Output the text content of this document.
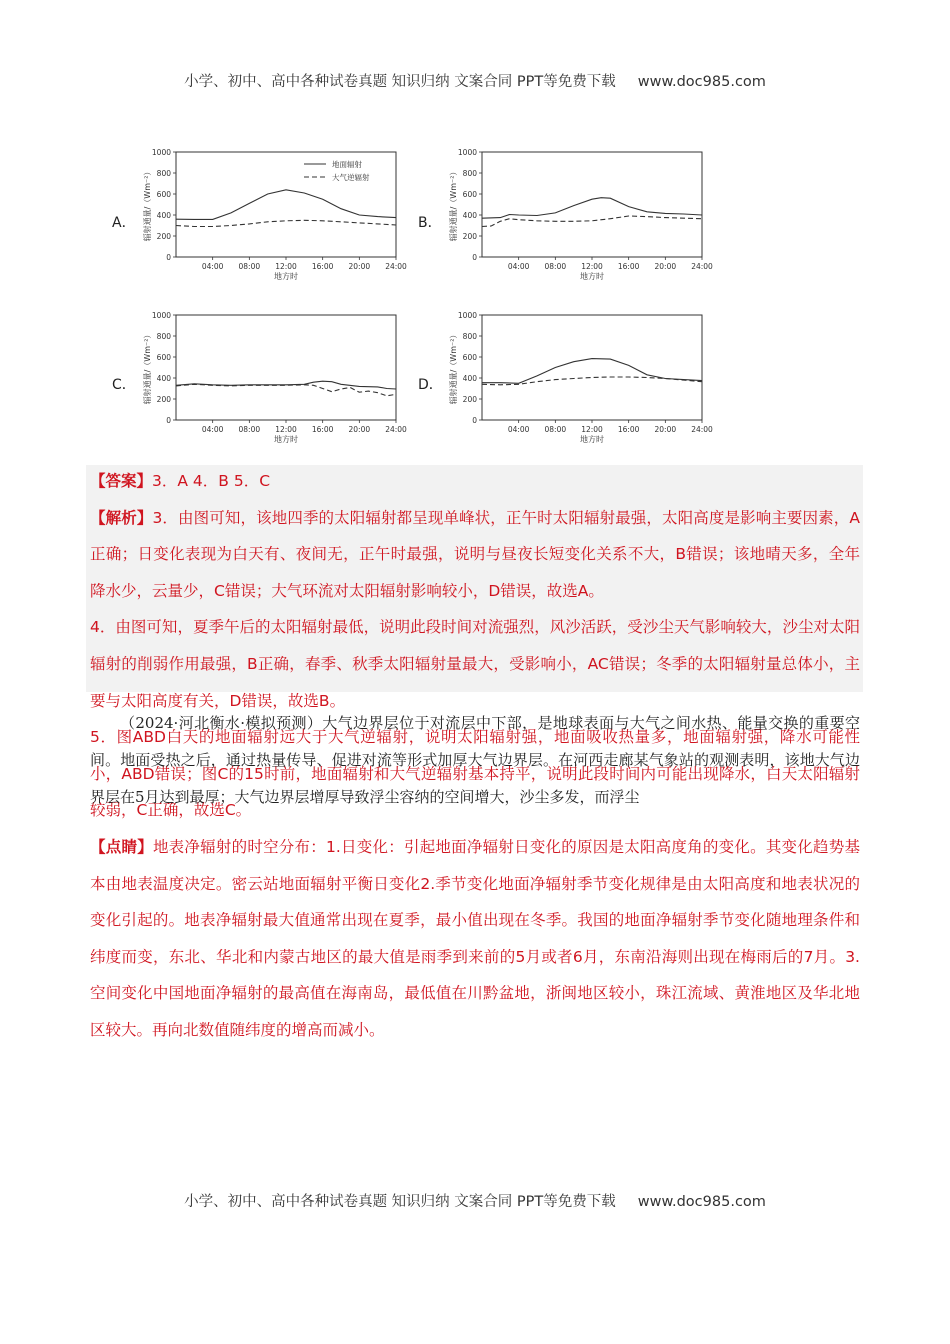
小学、初中、高中各种试卷真题 知识归纳 文案合同 PPT等免费下载 www.doc985.com
A．	B．
C．	D．
0
200
400
600
800
1000
04:00 08:00 12:00 16:00 20:00 24:00
地方时
辐射通量/（Wm⁻²）
地面辐射
大气逆辐射
0
200
400
600
800
1000
04:00 08:00 12:00 16:00 20:00 24:00
地方时
辐射通量/（Wm⁻²）
0
200
400
600
800
1000
04:00 08:00 12:00 16:00 20:00 24:00
地方时
辐射通量/（Wm⁻²）
0
200
400
600
800
1000
04:00 08:00 12:00 16:00 20:00 24:00
地方时
辐射通量/（Wm⁻²）

【答案】3．A 4．B 5．C

【解析】3．由图可知，该地四季的太阳辐射都呈现单峰状，正午时太阳辐射最强，太阳高度是影响主要因素，A正确；日变化表现为白天有、夜间无，正午时最强，说明与昼夜长短变化关系不大，B错误；该地晴天多，全年降水少，云量少，C错误；大气环流对太阳辐射影响较小，D错误，故选A。

4．由图可知，夏季午后的太阳辐射最低，说明此段时间对流强烈，风沙活跃，受沙尘天气影响较大，沙尘对太阳辐射的削弱作用最强，B正确，春季、秋季太阳辐射量最大，受影响小，AC错误；冬季的太阳辐射量总体小，主要与太阳高度有关，D错误，故选B。

5．图ABD白天的地面辐射远大于大气逆辐射，说明太阳辐射强，地面吸收热量多，地面辐射强，降水可能性小，ABD错误；图C的15时前，地面辐射和大气逆辐射基本持平，说明此段时间内可能出现降水，白天太阳辐射较弱，C正确，故选C。

【点睛】地表净辐射的时空分布：1.日变化：引起地面净辐射日变化的原因是太阳高度角的变化。其变化趋势基本由地表温度决定。密云站地面辐射平衡日变化2.季节变化地面净辐射季节变化规律是由太阳高度和地表状况的变化引起的。地表净辐射最大值通常出现在夏季，最小值出现在冬季。我国的地面净辐射季节变化随地理条件和纬度而变，东北、华北和内蒙古地区的最大值是雨季到来前的5月或者6月，东南沿海则出现在梅雨后的7月。3.空间变化中国地面净辐射的最高值在海南岛，最低值在川黔盆地，浙闽地区较小，珠江流域、黄淮地区及华北地区较大。再向北数值随纬度的增高而减小。

（2024·河北衡水·模拟预测）大气边界层位于对流层中下部，是地球表面与大气之间水热、能量交换的重要空间。地面受热之后，通过热量传导、促进对流等形式加厚大气边界层。在河西走廊某气象站的观测表明，该地大气边界层在5月达到最厚；大气边界层增厚导致浮尘容纳的空间增大，沙尘多发，而浮尘

小学、初中、高中各种试卷真题 知识归纳 文案合同 PPT等免费下载 www.doc985.com
